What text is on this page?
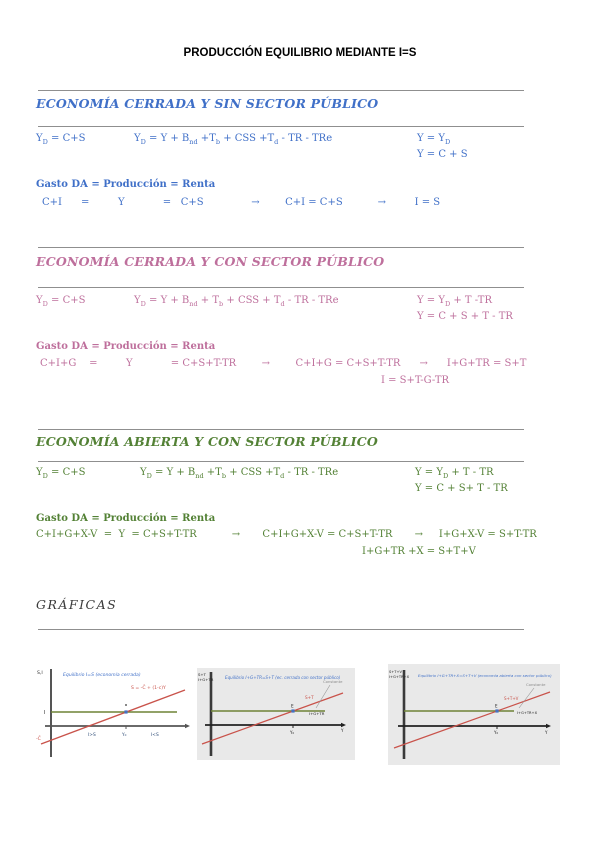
PRODUCCIÓN EQUILIBRIO MEDIANTE I=S
ECONOMÍA CERRADA Y SIN SECTOR PÚBLICO
$Y_D = C+S$	$Y_D = Y + B_{nd} +T_b$ + CSS $+T_d$ - TR - TRe	$Y = Y_D$
Y = C + S
Gasto DA = Producción = Renta
C+I      =         Y            =   C+S               →        C+I = C+S           →         I = S
ECONOMÍA CERRADA Y CON SECTOR PÚBLICO
$Y_D = C+S$	$Y_D = Y + B_{nd} + T_b$ + CSS + $T_d$ - TR - TRe	$Y = Y_D + T$ -TR
Y = C + S + T - TR
Gasto DA = Producción = Renta
C+I+G    =         Y            = C+S+T-TR        →        C+I+G = C+S+T-TR      →      I+G+TR = S+T
I = S+T-G-TR
ECONOMÍA ABIERTA Y CON SECTOR PÚBLICO
$Y_D = C+S$	$Y_D = Y + B_{nd} +T_b$ + CSS $+T_d$ - TR - TRe	$Y = Y_D + T$ - TR
Y = C + S+ T - TR
Gasto DA = Producción = Renta
C+I+G+X-V  =  Y  = C+S+T-TR           →       C+I+G+X-V = C+S+T-TR       →     I+G+X-V = S+T-TR
I+G+TR +X = S+T+V
GRÁFICAS
S,I	Equilibrio I=S (economía cerrada)
S = -C̄ + (1-c)Y
I
-C̄
I>S	Y₀	I<S
S+T
I+G+TR	Equilibrio I+G+TR=S+T (ec. cerrada con sector público)
S+T
I+G+TR
Constante
E
Y₀	Y
S+T+V
I+G+TR+X Equilibrio I+G+TR+X=S+T+V (economía abierta con sector público)
S+T+V
I+G+TR+X
Constante
E
Y₀	Y
